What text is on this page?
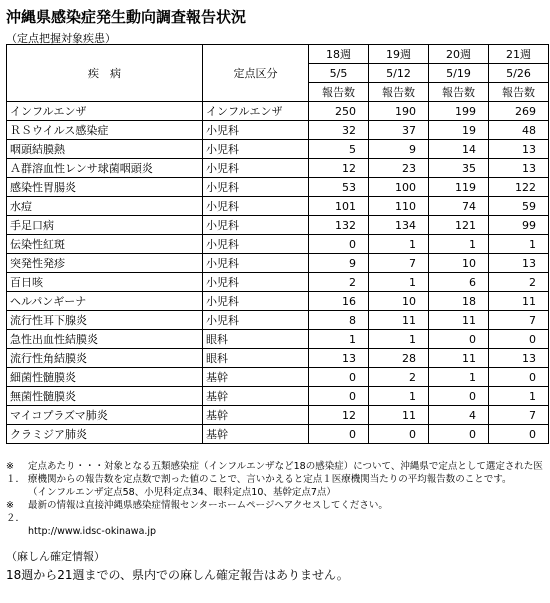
沖縄県感染症発生動向調査報告状況
（定点把握対象疾患）
疾　病	定点区分	18週	19週	20週	21週
		5/5	5/12	5/19	5/26
		報告数	報告数	報告数	報告数
インフルエンザ	インフルエンザ	250	190	199	269
ＲＳウイルス感染症	小児科	32	37	19	48
咽頭結膜熱	小児科	5	9	14	13
Ａ群溶血性レンサ球菌咽頭炎	小児科	12	23	35	13
感染性胃腸炎	小児科	53	100	119	122
水痘	小児科	101	110	74	59
手足口病	小児科	132	134	121	99
伝染性紅斑	小児科	0	1	1	1
突発性発疹	小児科	9	7	10	13
百日咳	小児科	2	1	6	2
ヘルパンギーナ	小児科	16	10	18	11
流行性耳下腺炎	小児科	8	11	11	7
急性出血性結膜炎	眼科	1	1	0	0
流行性角結膜炎	眼科	13	28	11	13
細菌性髄膜炎	基幹	0	2	1	0
無菌性髄膜炎	基幹	0	1	0	1
マイコプラズマ肺炎	基幹	12	11	4	7
クラミジア肺炎	基幹	0	0	0	0
※１．
定点あたり・・・対象となる五類感染症（インフルエンザなど18の感染症）について、沖縄県で定点として選定された医療機関からの報告数を定点数で割った値のことで、言いかえると定点１医療機関当たりの平均報告数のことです。
（インフルエンザ定点58、小児科定点34、眼科定点10、基幹定点7点）
※２．
最新の情報は直接沖縄県感染症情報センターホームページへアクセスしてください。
http://www.idsc-okinawa.jp
（麻しん確定情報）
18週から21週までの、県内での麻しん確定報告はありません。
